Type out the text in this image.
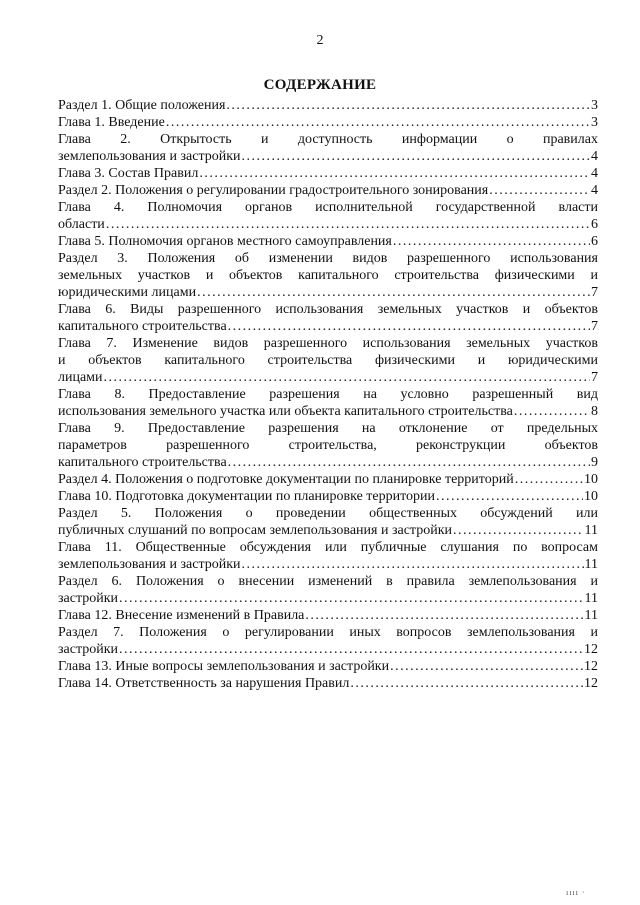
2
СОДЕРЖАНИЕ
Раздел 1. Общие положения .....	3
Глава 1. Введение .....	3
Глава 2. Открытость и доступность информации о правилах
землепользования и застройки .....	4
Глава 3. Состав Правил .....	4
Раздел 2. Положения о регулировании градостроительного зонирования .....	4
Глава 4. Полномочия органов исполнительной государственной власти
области .....	6
Глава 5. Полномочия органов местного самоуправления .....	6
Раздел 3. Положения об изменении видов разрешенного использования
земельных участков и объектов капитального строительства физическими и
юридическими лицами .....	7
Глава 6. Виды разрешенного использования земельных участков и объектов
капитального строительства .....	7
Глава 7. Изменение видов разрешенного использования земельных участков
и объектов капитального строительства физическими и юридическими
лицами .....	7
Глава 8. Предоставление разрешения на условно разрешенный вид
использования земельного участка или объекта капитального строительства .....	8
Глава 9. Предоставление разрешения на отклонение от предельных
параметров разрешенного строительства, реконструкции объектов
капитального строительства .....	9
Раздел 4. Положения о подготовке документации по планировке территорий .....	10
Глава 10. Подготовка документации по планировке территории .....	10
Раздел 5. Положения о проведении общественных обсуждений или
публичных слушаний по вопросам землепользования и застройки .....	11
Глава 11. Общественные обсуждения или публичные слушания по вопросам
землепользования и застройки .....	11
Раздел 6. Положения о внесении изменений в правила землепользования и
застройки .....	11
Глава 12. Внесение изменений в Правила .....	11
Раздел 7. Положения о регулировании иных вопросов землепользования и
застройки .....	12
Глава 13. Иные вопросы землепользования и застройки .....	12
Глава 14. Ответственность за нарушения Правил .....	12
ıııı ·
